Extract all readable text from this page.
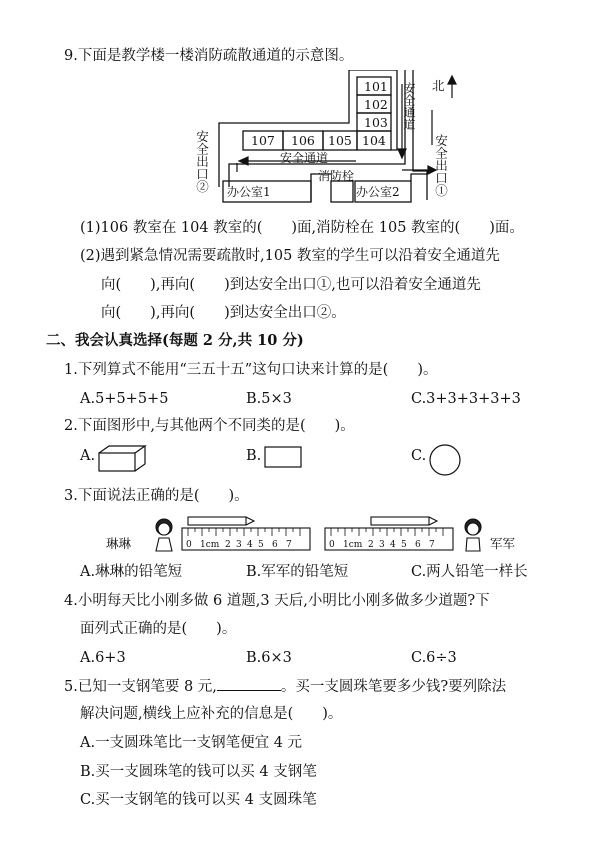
9.下面是教学楼一楼消防疏散通道的示意图。
101
102
103
107 106 105 104
北
安全通道
办公室1	办公室2
安全通道
安全出口②	安全出口①
消防栓
(1)106 教室在 104 教室的(　　)面,消防栓在 105 教室的(　　)面。
(2)遇到紧急情况需要疏散时,105 教室的学生可以沿着安全通道先
向(　　),再向(　　)到达安全出口①,也可以沿着安全通道先
向(　　),再向(　　)到达安全出口②。
二、我会认真选择(每题 2 分,共 10 分)
1.下列算式不能用“三五十五”这句口诀来计算的是(　　)。
A.5+5+5+5	B.5×3	C.3+3+3+3+3
2.下面图形中,与其他两个不同类的是(　　)。
A.	B.	C.
3.下面说法正确的是(　　)。
琳琳	0 1cm 2 3 4 5 6 7	0 1cm 2 3 4 5 6 7	军军
A.琳琳的铅笔短	B.军军的铅笔短	C.两人铅笔一样长
4.小明每天比小刚多做 6 道题,3 天后,小明比小刚多做多少道题?下
面列式正确的是(　　)。
A.6+3	B.6×3	C.6÷3
5.已知一支钢笔要 8 元,	。买一支圆珠笔要多少钱?要列除法
解决问题,横线上应补充的信息是(　　)。
A.一支圆珠笔比一支钢笔便宜 4 元
B.买一支圆珠笔的钱可以买 4 支钢笔
C.买一支钢笔的钱可以买 4 支圆珠笔
